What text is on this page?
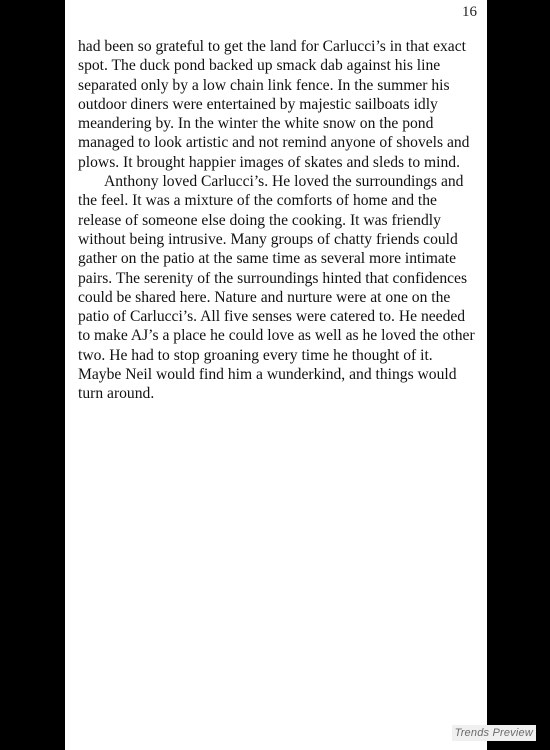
16

had been so grateful to get the land for Carlucci’s in that exact spot. The duck pond backed up smack dab against his line separated only by a low chain link fence. In the summer his outdoor diners were entertained by majestic sailboats idly meandering by. In the winter the white snow on the pond managed to look artistic and not remind anyone of shovels and plows. It brought happier images of skates and sleds to mind.

Anthony loved Carlucci’s. He loved the surroundings and the feel. It was a mixture of the comforts of home and the release of someone else doing the cooking. It was friendly without being intrusive. Many groups of chatty friends could gather on the patio at the same time as several more intimate pairs. The serenity of the surroundings hinted that confidences could be shared here. Nature and nurture were at one on the patio of Carlucci’s. All five senses were catered to. He needed to make AJ’s a place he could love as well as he loved the other two. He had to stop groaning every time he thought of it. Maybe Neil would find him a wunderkind, and things would turn around.

Trends Preview
